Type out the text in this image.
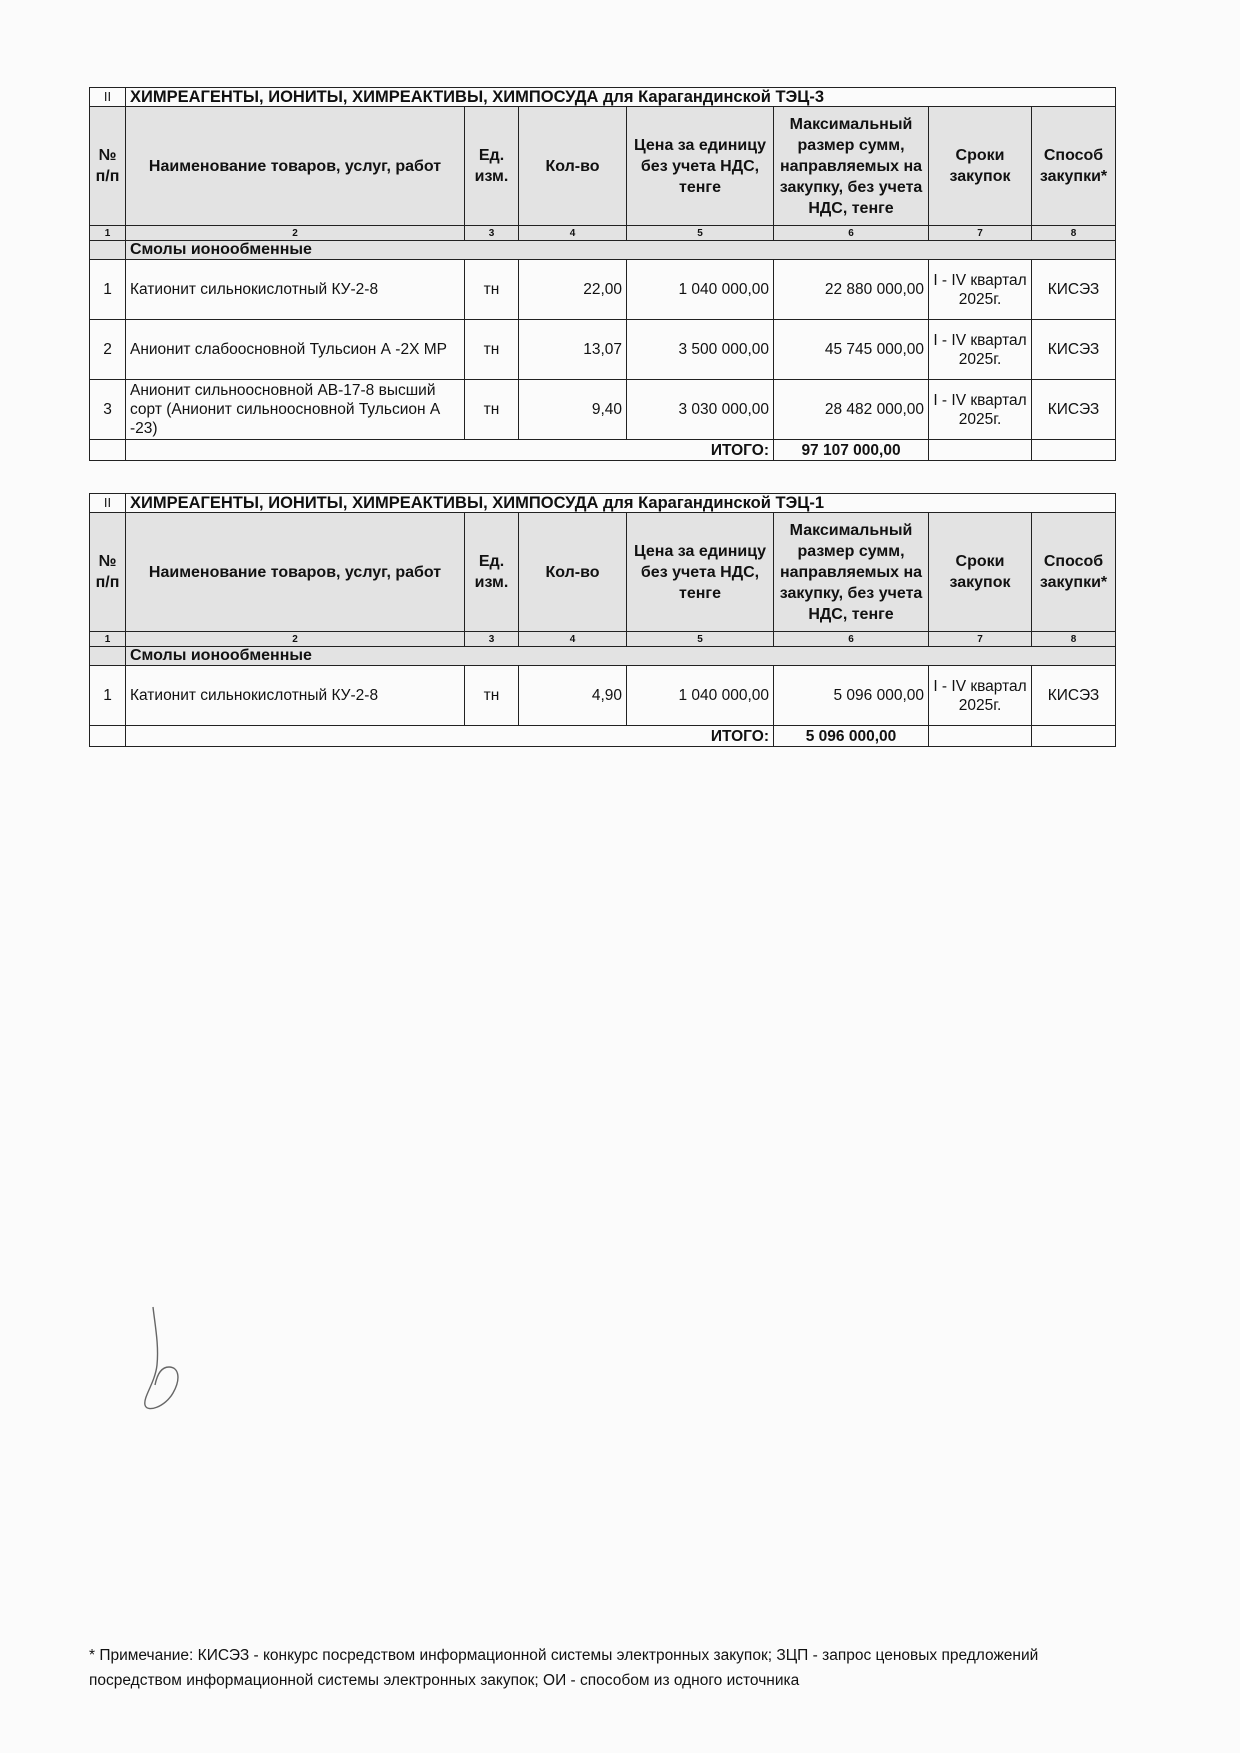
II	ХИМРЕАГЕНТЫ, ИОНИТЫ, ХИМРЕАКТИВЫ, ХИМПОСУДА для Карагандинской ТЭЦ-3						
№ п/п	Наименование товаров, услуг, работ	Ед. изм.	Кол-во	Цена за единицу без учета НДС, тенге	Максимальный размер сумм, направляемых на закупку, без учета НДС, тенге	Сроки закупок	Способ закупки*
1	2	3	4	5	6	7	8
	Смолы ионообменные						
1	Катионит сильнокислотный КУ-2-8	тн	22,00	1 040 000,00	22 880 000,00	I - IV квартал 2025г.	КИСЭЗ
2	Анионит слабоосновной Тульсион А -2Х МР	тн	13,07	3 500 000,00	45 745 000,00	I - IV квартал 2025г.	КИСЭЗ
3	Анионит сильноосновной АВ-17-8 высший сорт (Анионит сильноосновной Тульсион А -23)	тн	9,40	3 030 000,00	28 482 000,00	I - IV квартал 2025г.	КИСЭЗ
	ИТОГО:				97 107 000,00		
II	ХИМРЕАГЕНТЫ, ИОНИТЫ, ХИМРЕАКТИВЫ, ХИМПОСУДА для Карагандинской ТЭЦ-1						
№ п/п	Наименование товаров, услуг, работ	Ед. изм.	Кол-во	Цена за единицу без учета НДС, тенге	Максимальный размер сумм, направляемых на закупку, без учета НДС, тенге	Сроки закупок	Способ закупки*
1	2	3	4	5	6	7	8
	Смолы ионообменные						
1	Катионит сильнокислотный КУ-2-8	тн	4,90	1 040 000,00	5 096 000,00	I - IV квартал 2025г.	КИСЭЗ
	ИТОГО:				5 096 000,00		
* Примечание: КИСЭЗ - конкурс посредством информационной системы электронных закупок; ЗЦП - запрос ценовых предложений посредством информационной системы электронных закупок; ОИ - способом из одного источника
